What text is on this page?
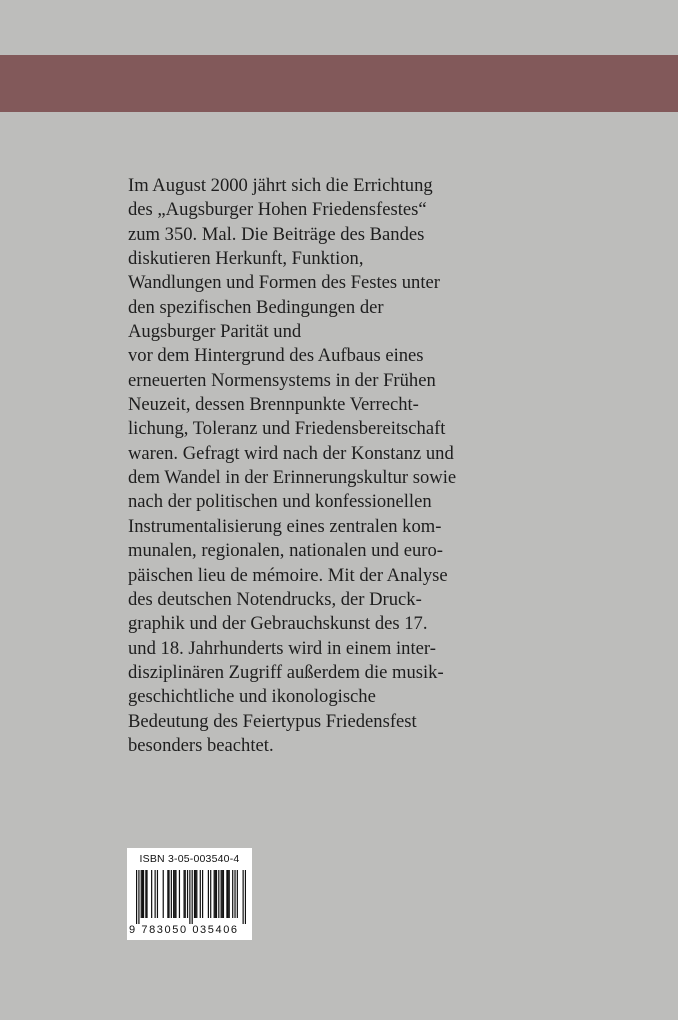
Im August 2000 jährt sich die Errichtung
des „Augsburger Hohen Friedensfestes“
zum 350. Mal. Die Beiträge des Bandes
diskutieren Herkunft, Funktion,
Wandlungen und Formen des Festes unter
den spezifischen Bedingungen der
Augsburger Parität und
vor dem Hintergrund des Aufbaus eines
erneuerten Normensystems in der Frühen
Neuzeit, dessen Brennpunkte Verrecht-
lichung, Toleranz und Friedensbereitschaft
waren. Gefragt wird nach der Konstanz und
dem Wandel in der Erinnerungskultur sowie
nach der politischen und konfessionellen
Instrumentalisierung eines zentralen kom-
munalen, regionalen, nationalen und euro-
päischen lieu de mémoire. Mit der Analyse
des deutschen Notendrucks, der Druck-
graphik und der Gebrauchskunst des 17.
und 18. Jahrhunderts wird in einem inter-
disziplinären Zugriff außerdem die musik-
geschichtliche und ikonologische
Bedeutung des Feiertypus Friedensfest
besonders beachtet.

ISBN 3-05-003540-4
9 783050 035406
